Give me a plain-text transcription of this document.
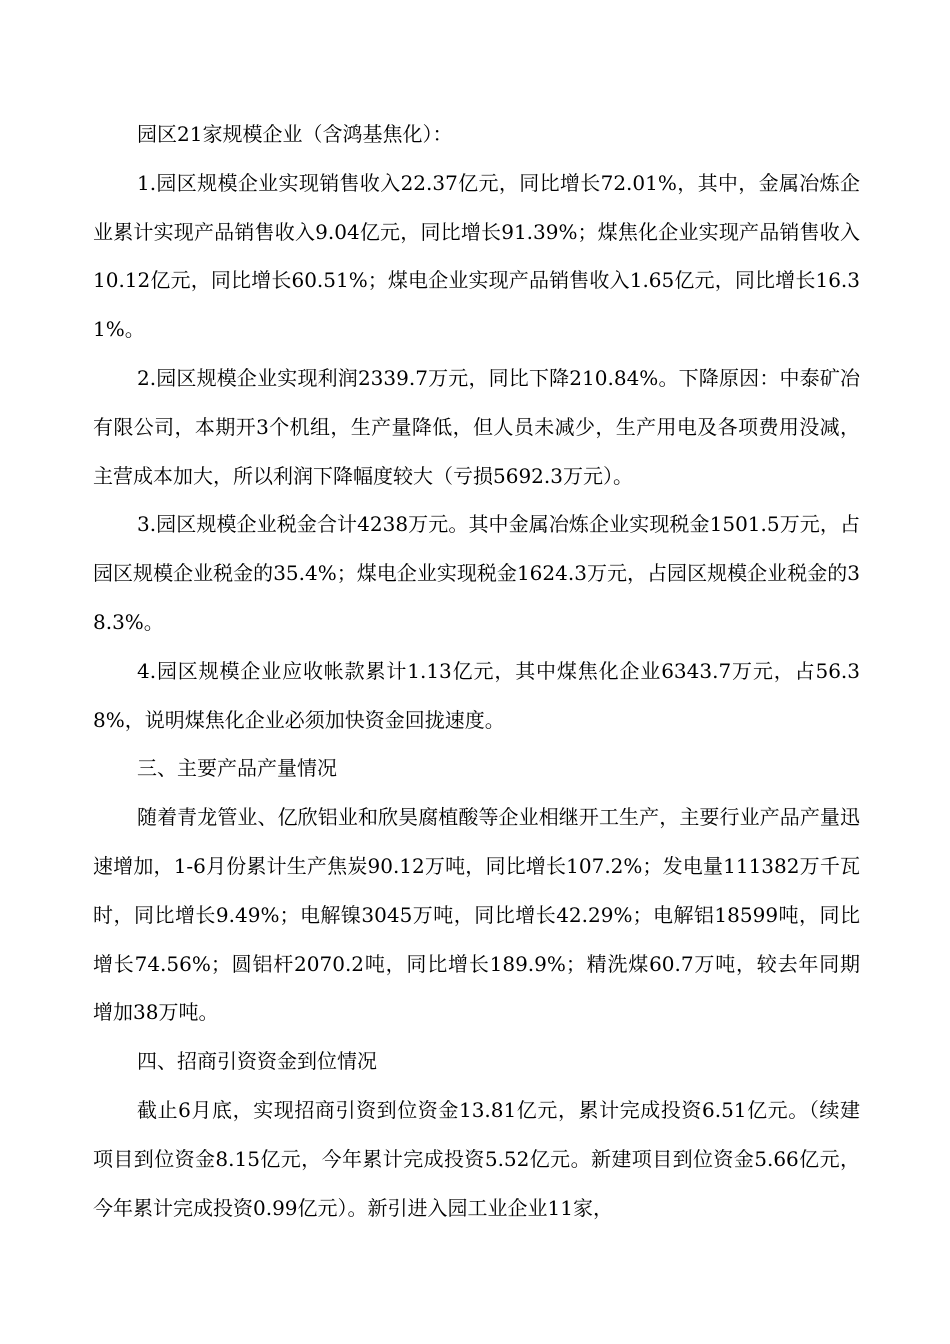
园区21家规模企业（含鸿基焦化）：

1.园区规模企业实现销售收入22.37亿元，同比增长72.01%，其中，金属冶炼企业累计实现产品销售收入9.04亿元，同比增长91.39%；煤焦化企业实现产品销售收入10.12亿元，同比增长60.51%；煤电企业实现产品销售收入1.65亿元，同比增长16.31%。

2.园区规模企业实现利润2339.7万元，同比下降210.84%。下降原因：中泰矿冶有限公司，本期开3个机组，生产量降低，但人员未减少，生产用电及各项费用没减，主营成本加大，所以利润下降幅度较大（亏损5692.3万元）。

3.园区规模企业税金合计4238万元。其中金属冶炼企业实现税金1501.5万元，占园区规模企业税金的35.4%；煤电企业实现税金1624.3万元，占园区规模企业税金的38.3%。

4.园区规模企业应收帐款累计1.13亿元，其中煤焦化企业6343.7万元，占56.38%，说明煤焦化企业必须加快资金回拢速度。

三、主要产品产量情况

随着青龙管业、亿欣铝业和欣昊腐植酸等企业相继开工生产，主要行业产品产量迅速增加，1-6月份累计生产焦炭90.12万吨，同比增长107.2%；发电量111382万千瓦时，同比增长9.49%；电解镍3045万吨，同比增长42.29%；电解铝18599吨，同比增长74.56%；圆铝杆2070.2吨，同比增长189.9%；精洗煤60.7万吨，较去年同期增加38万吨。

四、招商引资资金到位情况

截止6月底，实现招商引资到位资金13.81亿元，累计完成投资6.51亿元。（续建项目到位资金8.15亿元，今年累计完成投资5.52亿元。新建项目到位资金5.66亿元，今年累计完成投资0.99亿元）。新引进入园工业企业11家，
